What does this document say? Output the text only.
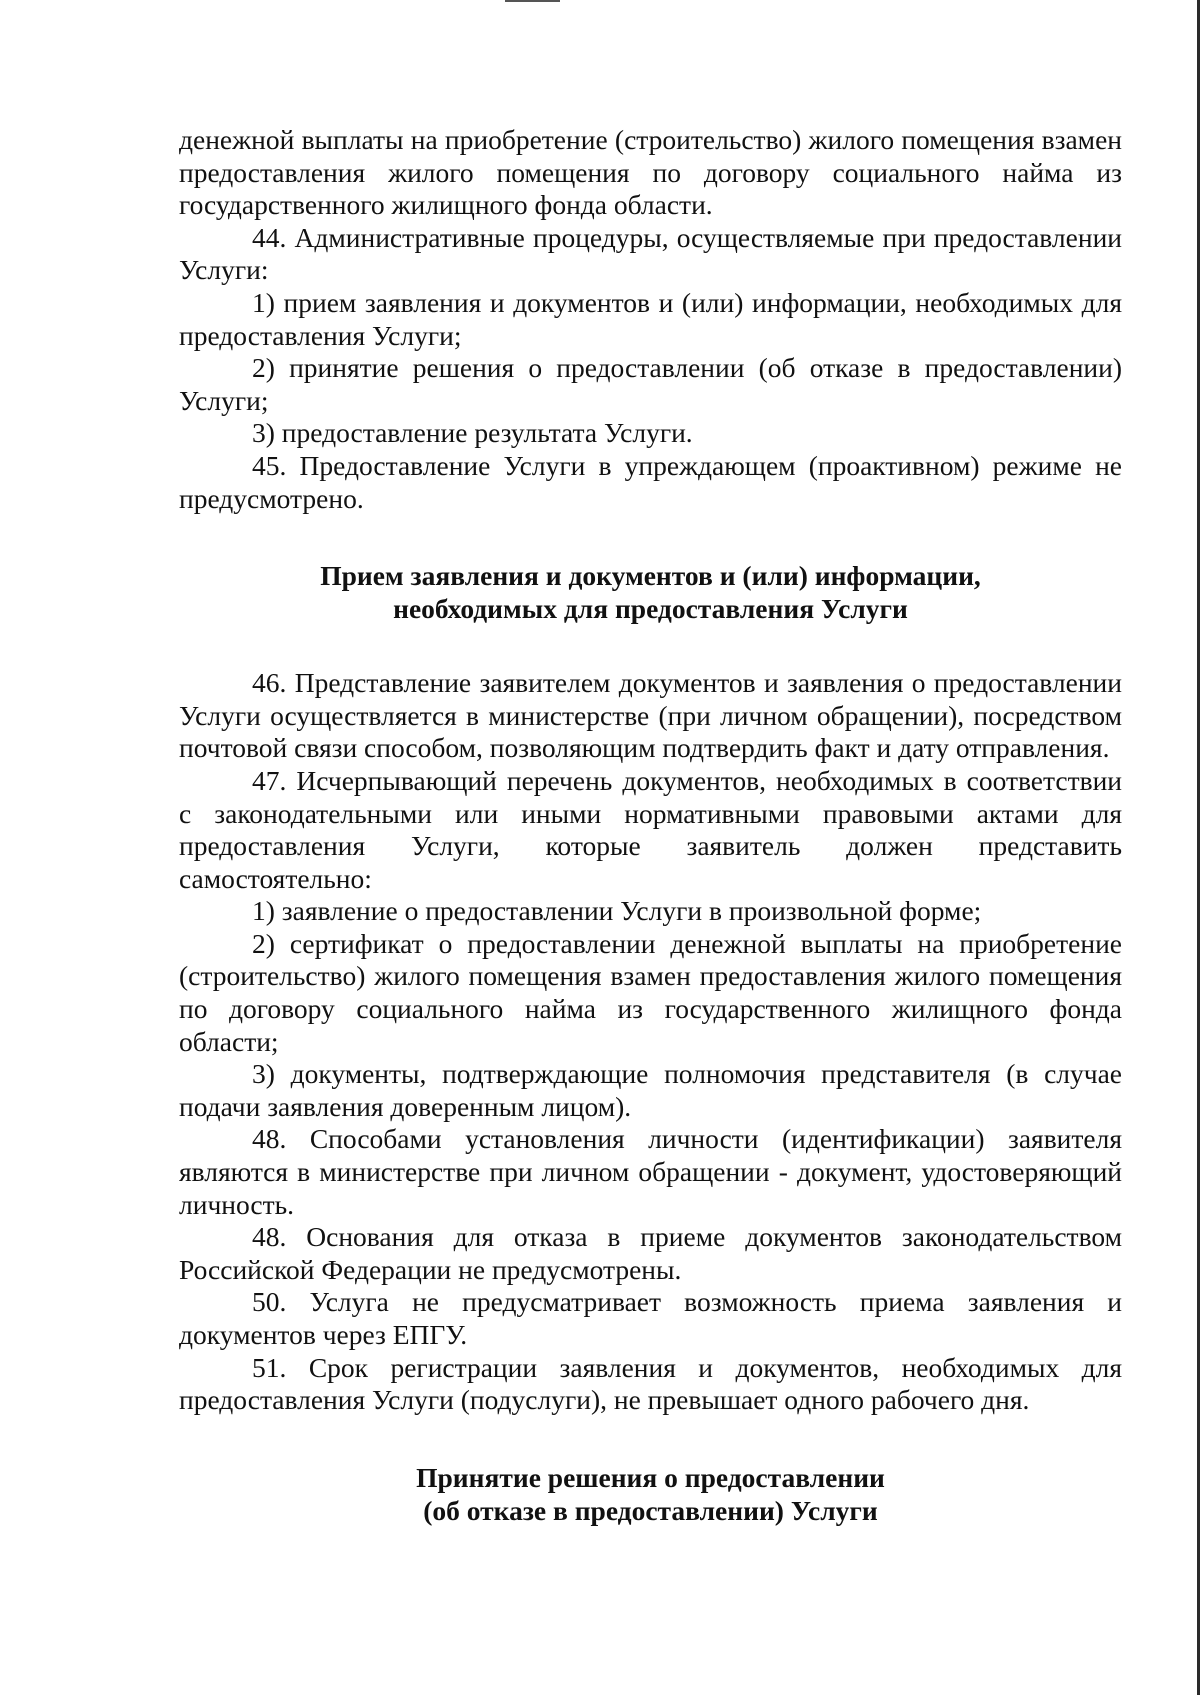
денежной выплаты на приобретение (строительство) жилого помещения взамен предоставления жилого помещения по договору социального найма из государственного жилищного фонда области.

44. Административные процедуры, осуществляемые при предоставлении Услуги:

1) прием заявления и документов и (или) информации, необходимых для предоставления Услуги;

2) принятие решения о предоставлении (об отказе в предоставлении) Услуги;

3) предоставление результата Услуги.

45. Предоставление Услуги в упреждающем (проактивном) режиме не предусмотрено.

Прием заявления и документов и (или) информации,
необходимых для предоставления Услуги

46. Представление заявителем документов и заявления о предоставлении Услуги осуществляется в министерстве (при личном обращении), посредством почтовой связи способом, позволяющим подтвердить факт и дату отправления.

47. Исчерпывающий перечень документов, необходимых в соответствии с законодательными или иными нормативными правовыми актами для предоставления Услуги, которые заявитель должен представить самостоятельно:

1) заявление о предоставлении Услуги в произвольной форме;

2) сертификат о предоставлении денежной выплаты на приобретение (строительство) жилого помещения взамен предоставления жилого помещения по договору социального найма из государственного жилищного фонда области;

3) документы, подтверждающие полномочия представителя (в случае подачи заявления доверенным лицом).

48. Способами установления личности (идентификации) заявителя являются в министерстве при личном обращении - документ, удостоверяющий личность.

48. Основания для отказа в приеме документов законодательством Российской Федерации не предусмотрены.

50. Услуга не предусматривает возможность приема заявления и документов через ЕПГУ.

51. Срок регистрации заявления и документов, необходимых для предоставления Услуги (подуслуги), не превышает одного рабочего дня.

Принятие решения о предоставлении
(об отказе в предоставлении) Услуги
